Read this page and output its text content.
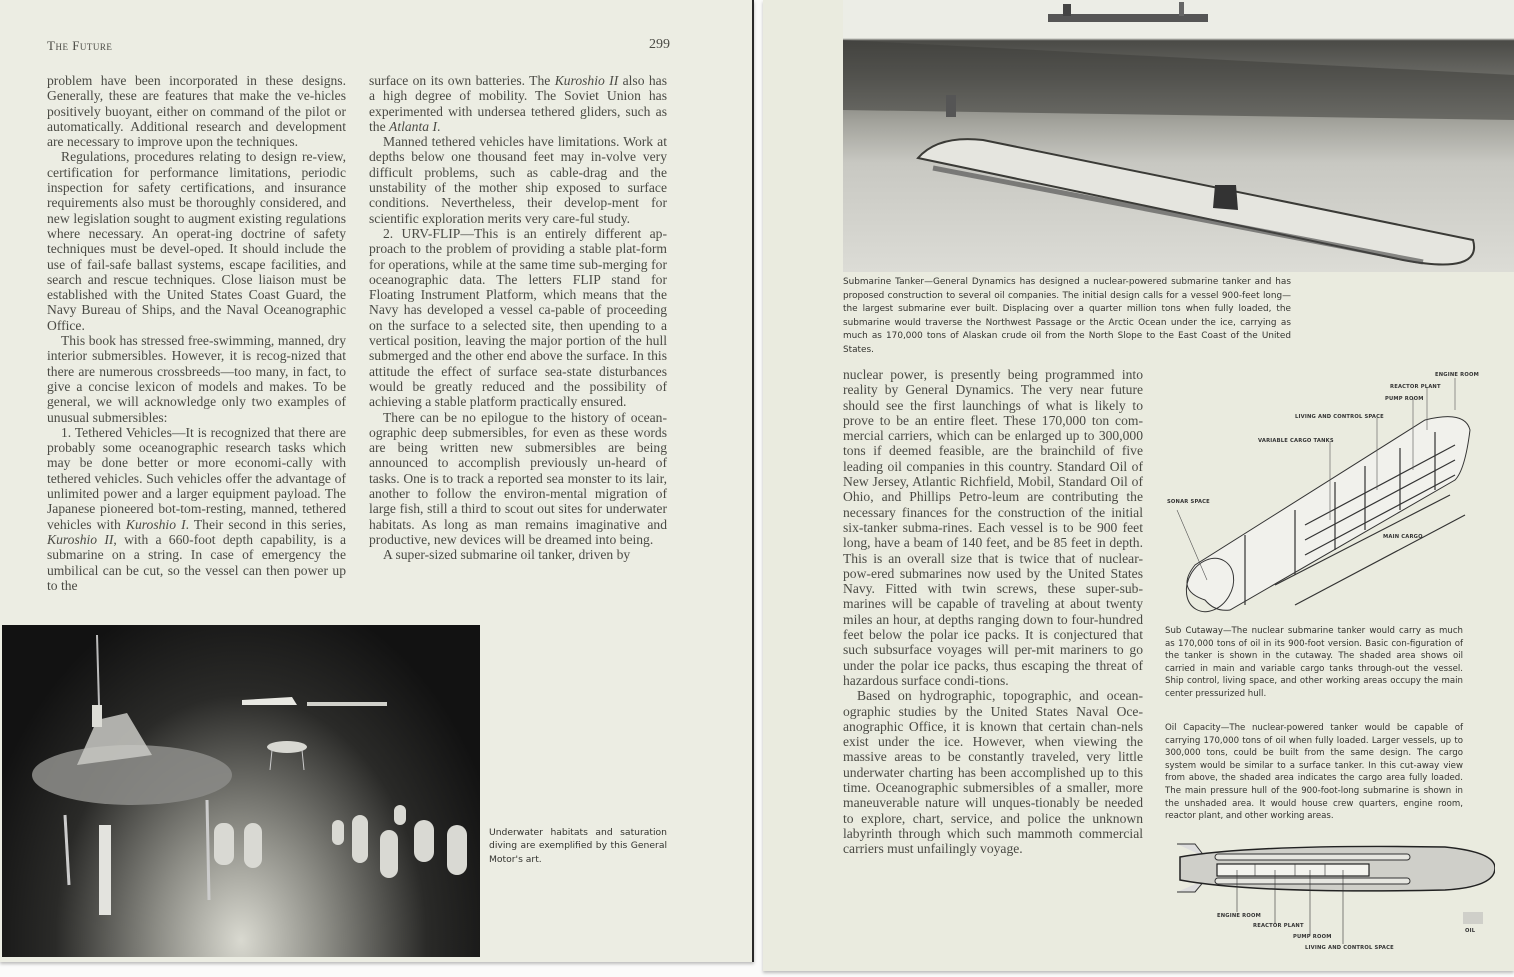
The Future	299

problem have been incorporated in these designs. Generally, these are features that make the ve-hicles positively buoyant, either on command of the pilot or automatically. Additional research and development are necessary to improve upon the techniques.

Regulations, procedures relating to design re-view, certification for performance limitations, periodic inspection for safety certifications, and insurance requirements also must be thoroughly considered, and new legislation sought to augment existing regulations where necessary. An operat-ing doctrine of safety techniques must be devel-oped. It should include the use of fail-safe ballast systems, escape facilities, and search and rescue techniques. Close liaison must be established with the United States Coast Guard, the Navy Bureau of Ships, and the Naval Oceanographic Office.

This book has stressed free-swimming, manned, dry interior submersibles. However, it is recog-nized that there are numerous crossbreeds—too many, in fact, to give a concise lexicon of models and makes. To be general, we will acknowledge only two examples of unusual submersibles:

1. Tethered Vehicles—It is recognized that there are probably some oceanographic research tasks which may be done better or more economi-cally with tethered vehicles. Such vehicles offer the advantage of unlimited power and a larger equipment payload. The Japanese pioneered bot-tom-resting, manned, tethered vehicles with Kuroshio I. Their second in this series, Kuroshio II, with a 660-foot depth capability, is a submarine on a string. In case of emergency the umbilical can be cut, so the vessel can then power up to the

surface on its own batteries. The Kuroshio II also has a high degree of mobility. The Soviet Union has experimented with undersea tethered gliders, such as the Atlanta I.

Manned tethered vehicles have limitations. Work at depths below one thousand feet may in-volve very difficult problems, such as cable-drag and the unstability of the mother ship exposed to surface conditions. Nevertheless, their develop-ment for scientific exploration merits very care-ful study.

2. URV-FLIP—This is an entirely different ap-proach to the problem of providing a stable plat-form for operations, while at the same time sub-merging for oceanographic data. The letters FLIP stand for Floating Instrument Platform, which means that the Navy has developed a vessel ca-pable of proceeding on the surface to a selected site, then upending to a vertical position, leaving the major portion of the hull submerged and the other end above the surface. In this attitude the effect of surface sea-state disturbances would be greatly reduced and the possibility of achieving a stable platform practically ensured.

There can be no epilogue to the history of ocean-ographic deep submersibles, for even as these words are being written new submersibles are being announced to accomplish previously un-heard of tasks. One is to track a reported sea monster to its lair, another to follow the environ-mental migration of large fish, still a third to scout out sites for underwater habitats. As long as man remains imaginative and productive, new devices will be dreamed into being.

A super-sized submarine oil tanker, driven by

Underwater habitats and saturation diving are exemplified by this General Motor's art.
Submarine Tanker—General Dynamics has designed a nuclear-powered submarine tanker and has proposed construction to several oil companies. The initial design calls for a vessel 900-feet long—the largest submarine ever built. Displacing over a quarter million tons when fully loaded, the submarine would traverse the Northwest Passage or the Arctic Ocean under the ice, carrying as much as 170,000 tons of Alaskan crude oil from the North Slope to the East Coast of the United States.

nuclear power, is presently being programmed into reality by General Dynamics. The very near future should see the first launchings of what is likely to prove to be an entire fleet. These 170,000 ton com-mercial carriers, which can be enlarged up to 300,000 tons if deemed feasible, are the brainchild of five leading oil companies in this country. Standard Oil of New Jersey, Atlantic Richfield, Mobil, Standard Oil of Ohio, and Phillips Petro-leum are contributing the necessary finances for the construction of the initial six-tanker subma-rines. Each vessel is to be 900 feet long, have a beam of 140 feet, and be 85 feet in depth. This is an overall size that is twice that of nuclear-pow-ered submarines now used by the United States Navy. Fitted with twin screws, these super-sub-marines will be capable of traveling at about twenty miles an hour, at depths ranging down to four-hundred feet below the polar ice packs. It is conjectured that such subsurface voyages will per-mit mariners to go under the polar ice packs, thus escaping the threat of hazardous surface condi-tions.

Based on hydrographic, topographic, and ocean-ographic studies by the United States Naval Oce-anographic Office, it is known that certain chan-nels exist under the ice. However, when viewing the massive areas to be constantly traveled, very little underwater charting has been accomplished up to this time. Oceanographic submersibles of a smaller, more maneuverable nature will unques-tionably be needed to explore, chart, service, and police the unknown labyrinth through which such mammoth commercial carriers must unfailingly voyage.

ENGINE ROOM
REACTOR PLANT
PUMP ROOM
LIVING AND CONTROL SPACE
VARIABLE CARGO TANKS
SONAR SPACE
MAIN CARGO
Sub Cutaway—The nuclear submarine tanker would carry as much as 170,000 tons of oil in its 900-foot version. Basic con-figuration of the tanker is shown in the cutaway. The shaded area shows oil carried in main and variable cargo tanks through-out the vessel. Ship control, living space, and other working areas occupy the main center pressurized hull.
Oil Capacity—The nuclear-powered tanker would be capable of carrying 170,000 tons of oil when fully loaded. Larger vessels, up to 300,000 tons, could be built from the same design. The cargo system would be similar to a surface tanker. In this cut-away view from above, the shaded area indicates the cargo area fully loaded. The main pressure hull of the 900-foot-long submarine is shown in the unshaded area. It would house crew quarters, engine room, reactor plant, and other working areas.
ENGINE ROOM
REACTOR PLANT
PUMP ROOM
LIVING AND CONTROL SPACE
OIL
